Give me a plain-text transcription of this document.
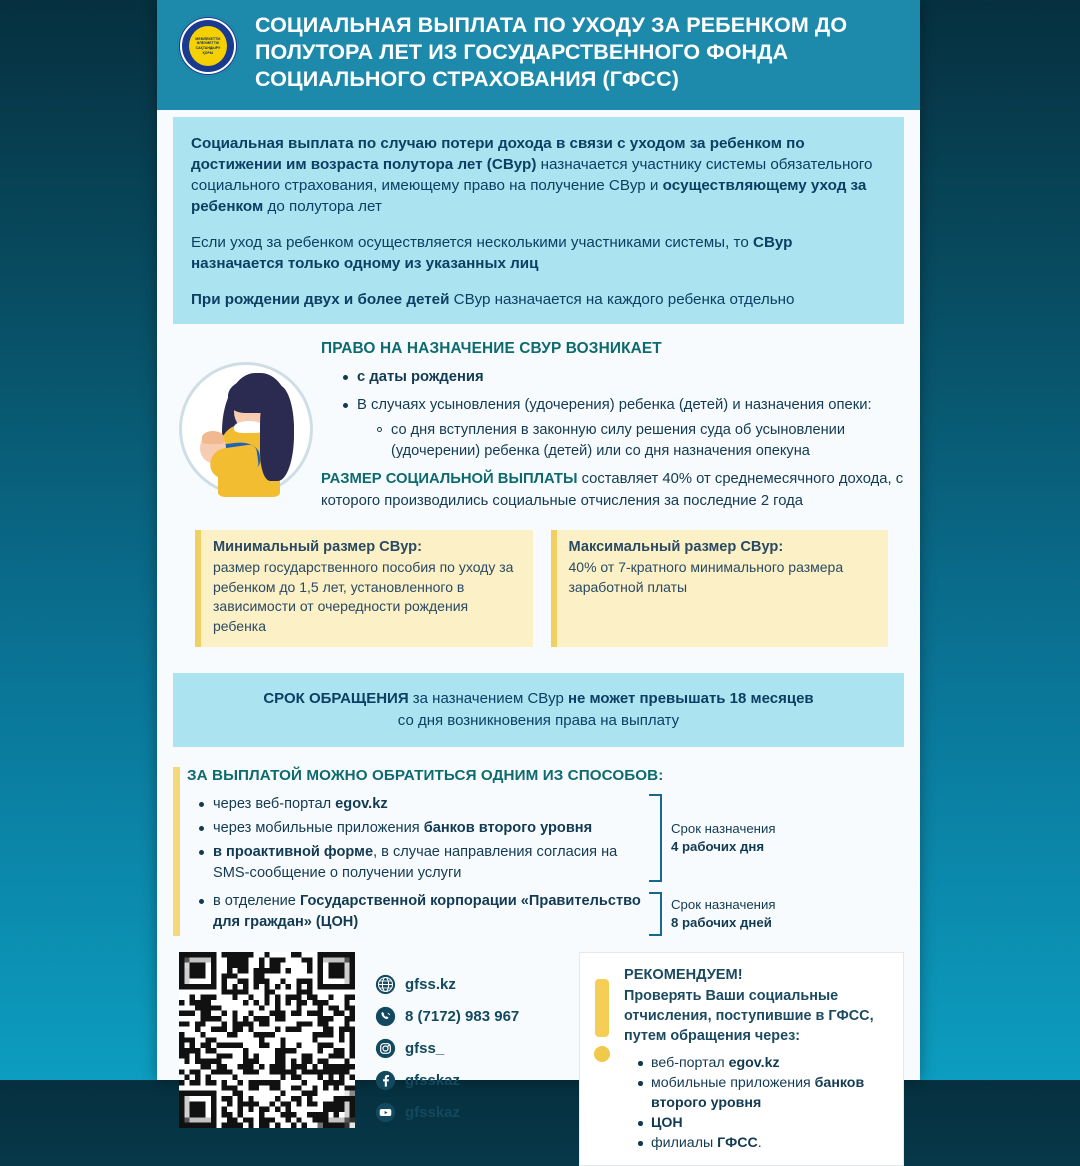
МЕМЛЕКЕТТІК ӘЛЕУМЕТТІК САҚТАНДЫРУ ҚОРЫ
СОЦИАЛЬНАЯ ВЫПЛАТА ПО УХОДУ ЗА РЕБЕНКОМ ДО ПОЛУТОРА ЛЕТ ИЗ ГОСУДАРСТВЕННОГО ФОНДА СОЦИАЛЬНОГО СТРАХОВАНИЯ (ГФСС)

Социальная выплата по случаю потери дохода в связи с уходом за ребенком по достижении им возраста полутора лет (СВур) назначается участнику системы обязательного социального страхования, имеющему право на получение СВур и осуществляющему уход за ребенком до полутора лет

Если уход за ребенком осуществляется несколькими участниками системы, то СВур назначается только одному из указанных лиц

При рождении двух и более детей СВур назначается на каждого ребенка отдельно

ПРАВО НА НАЗНАЧЕНИЕ СВУР ВОЗНИКАЕТ

с даты рождения
В случаях усыновления (удочерения) ребенка (детей) и назначения опеки:
со дня вступления в законную силу решения суда об усыновлении (удочерении) ребенка (детей) или со дня назначения опекуна

РАЗМЕР СОЦИАЛЬНОЙ ВЫПЛАТЫ составляет 40% от среднемесячного дохода, с которого производились социальные отчисления за последние 2 года

Минимальный размер СВур:
размер государственного пособия по уходу за ребенком до 1,5 лет, установленного в зависимости от очередности рождения ребенка
Максимальный размер СВур:
40% от 7-кратного минимального размера заработной платы

СРОК ОБРАЩЕНИЯ за назначением СВур не может превышать 18 месяцев

со дня возникновения права на выплату

ЗА ВЫПЛАТОЙ МОЖНО ОБРАТИТЬСЯ ОДНИМ ИЗ СПОСОБОВ:
через веб-портал egov.kz
через мобильные приложения банков второго уровня
в проактивной форме, в случае направления согласия на SMS-сообщение о получении услуги
в отделение Государственной корпорации «Правительство для граждан» (ЦОН)
Срок назначения
4 рабочих дня
Срок назначения
8 рабочих дней
gfss.kz
8 (7172) 983 967
gfss_
gfsskaz
gfsskaz
РЕКОМЕНДУЕМ!

Проверять Ваши социальные отчисления, поступившие в ГФСС, путем обращения через:

веб-портал egov.kz
мобильные приложения банков второго уровня
ЦОН
филиалы ГФСС.
